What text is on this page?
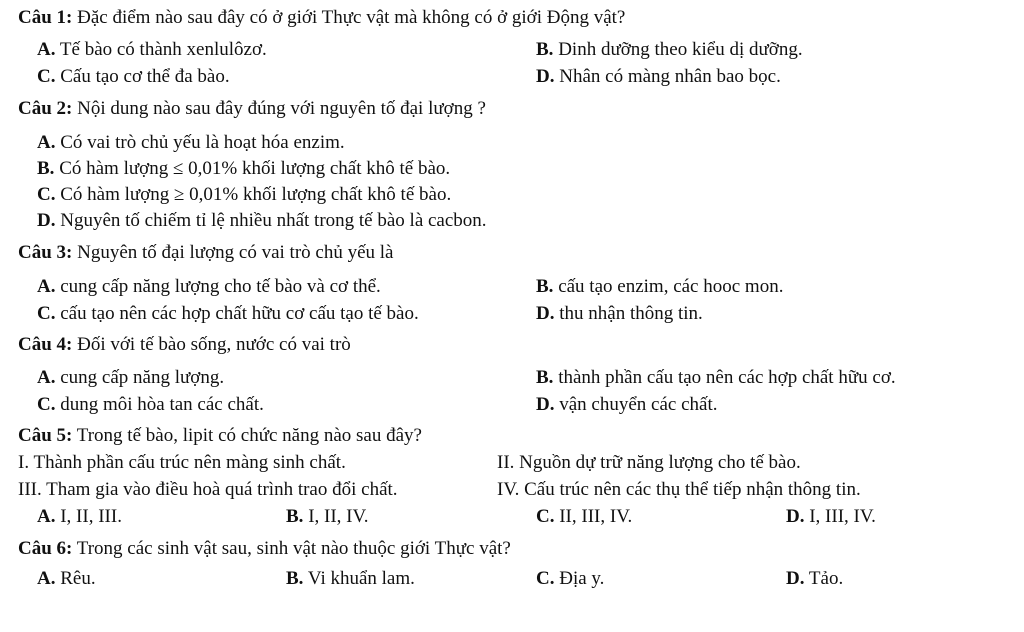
Câu 1: Đặc điểm nào sau đây có ở giới Thực vật mà không có ở giới Động vật?
A. Tế bào có thành xenlulôzơ.	B. Dinh dưỡng theo kiểu dị dưỡng.
C. Cấu tạo cơ thể đa bào.	D. Nhân có màng nhân bao bọc.
Câu 2: Nội dung nào sau đây đúng với nguyên tố đại lượng ?
A. Có vai trò chủ yếu là hoạt hóa enzim.
B. Có hàm lượng ≤ 0,01% khối lượng chất khô tế bào.
C. Có hàm lượng ≥ 0,01% khối lượng chất khô tế bào.
D. Nguyên tố chiếm tỉ lệ nhiều nhất trong tế bào là cacbon.
Câu 3: Nguyên tố đại lượng có vai trò chủ yếu là
A. cung cấp năng lượng cho tế bào và cơ thể.	B. cấu tạo enzim, các hooc mon.
C. cấu tạo nên các hợp chất hữu cơ cấu tạo tế bào.	D. thu nhận thông tin.
Câu 4: Đối với tế bào sống, nước có vai trò
A. cung cấp năng lượng.	B. thành phần cấu tạo nên các hợp chất hữu cơ.
C. dung môi hòa tan các chất.	D. vận chuyển các chất.
Câu 5: Trong tế bào, lipit có chức năng nào sau đây?
I. Thành phần cấu trúc nên màng sinh chất.	II. Nguồn dự trữ năng lượng cho tế bào.
III. Tham gia vào điều hoà quá trình trao đổi chất.	IV. Cấu trúc nên các thụ thể tiếp nhận thông tin.
A. I, II, III.	B. I, II, IV.	C. II, III, IV.	D. I, III, IV.
Câu 6: Trong các sinh vật sau, sinh vật nào thuộc giới Thực vật?
A. Rêu.	B. Vi khuẩn lam.	C. Địa y.	D. Tảo.
